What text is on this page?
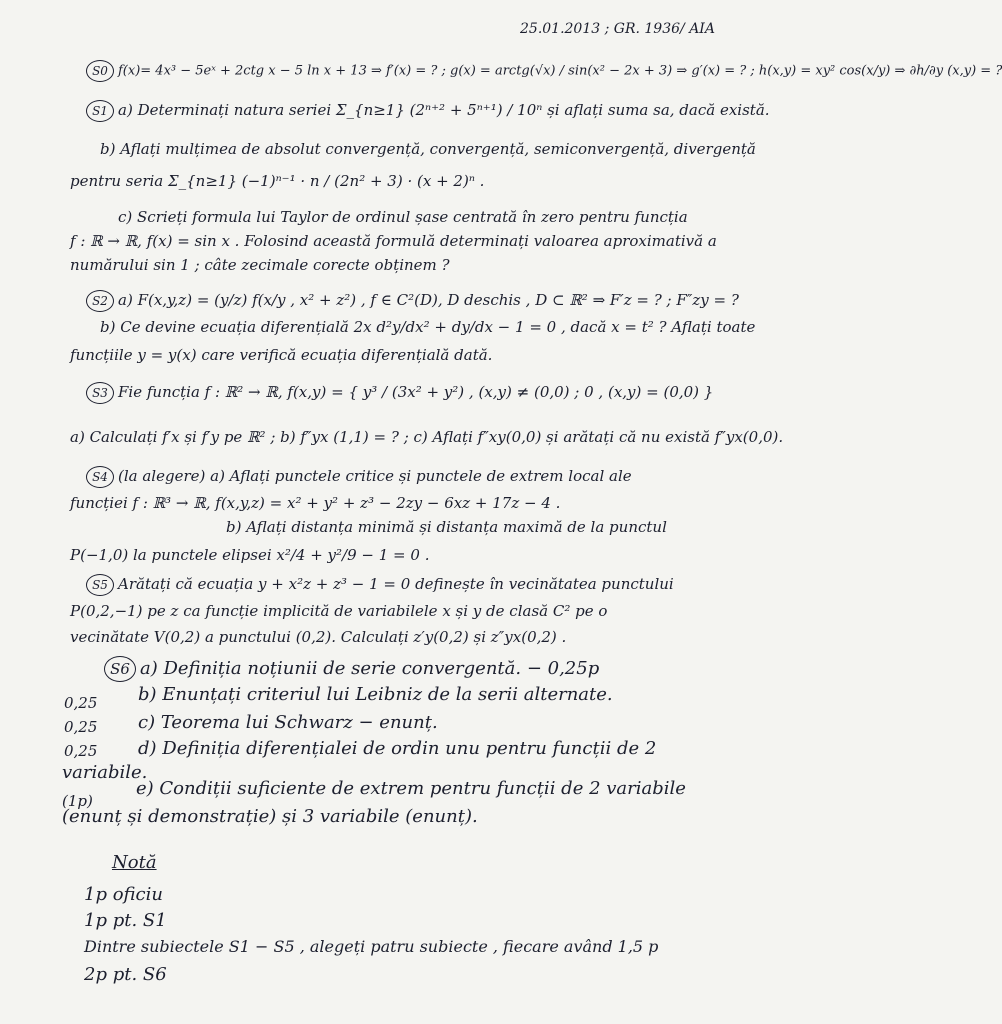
25.01.2013 ; GR. 1936/ AIA
S0 f(x)= 4x³ − 5eˣ + 2ctg x − 5 ln x + 13 ⇒ f′(x) = ? ; g(x) = arctg(√x) / sin(x² − 2x + 3) ⇒ g′(x) = ? ; h(x,y) = xy² cos(x/y) ⇒ ∂h/∂y (x,y) = ?
S1 a) Determinați natura seriei Σ_{n≥1} (2ⁿ⁺² + 5ⁿ⁺¹) / 10ⁿ și aflați suma sa, dacă există.
b) Aflați mulțimea de absolut convergență, convergență, semiconvergență, divergență
pentru seria Σ_{n≥1} (−1)ⁿ⁻¹ · n / (2n² + 3) · (x + 2)ⁿ .
c) Scrieți formula lui Taylor de ordinul șase centrată în zero pentru funcția
f : ℝ → ℝ, f(x) = sin x . Folosind această formulă determinați valoarea aproximativă a
numărului sin 1 ; câte zecimale corecte obținem ?
S2 a) F(x,y,z) = (y/z) f(x/y , x² + z²) , f ∈ C²(D), D deschis , D ⊂ ℝ² ⇒ F′z = ? ; F″zy = ?
b) Ce devine ecuația diferențială 2x d²y/dx² + dy/dx − 1 = 0 , dacă x = t² ? Aflați toate
funcțiile y = y(x) care verifică ecuația diferențială dată.
S3 Fie funcția f : ℝ² → ℝ, f(x,y) = { y³ / (3x² + y²) , (x,y) ≠ (0,0) ; 0 , (x,y) = (0,0) }
a) Calculați f′x și f′y pe ℝ² ; b) f″yx (1,1) = ? ; c) Aflați f″xy(0,0) și arătați că nu există f″yx(0,0).
S4 (la alegere) a) Aflați punctele critice și punctele de extrem local ale
funcției f : ℝ³ → ℝ, f(x,y,z) = x² + y² + z³ − 2zy − 6xz + 17z − 4 .
b) Aflați distanța minimă și distanța maximă de la punctul
P(−1,0) la punctele elipsei x²/4 + y²/9 − 1 = 0 .
S5 Arătați că ecuația y + x²z + z³ − 1 = 0 definește în vecinătatea punctului
P(0,2,−1) pe z ca funcție implicită de variabilele x și y de clasă C² pe o
vecinătate V(0,2) a punctului (0,2). Calculați z′y(0,2) și z″yx(0,2) .
S6 a) Definiția noțiunii de serie convergentă. − 0,25p
0,25 b) Enunțați criteriul lui Leibniz de la serii alternate.
0,25 c) Teorema lui Schwarz − enunț.
0,25 d) Definiția diferențialei de ordin unu pentru funcții de 2
variabile.
(1p)
e) Condiții suficiente de extrem pentru funcții de 2 variabile
(enunț și demonstrație) și 3 variabile (enunț).
Notă
1p oficiu
1p pt. S1
Dintre subiectele S1 − S5 , alegeți patru subiecte , fiecare având 1,5 p
2p pt. S6
